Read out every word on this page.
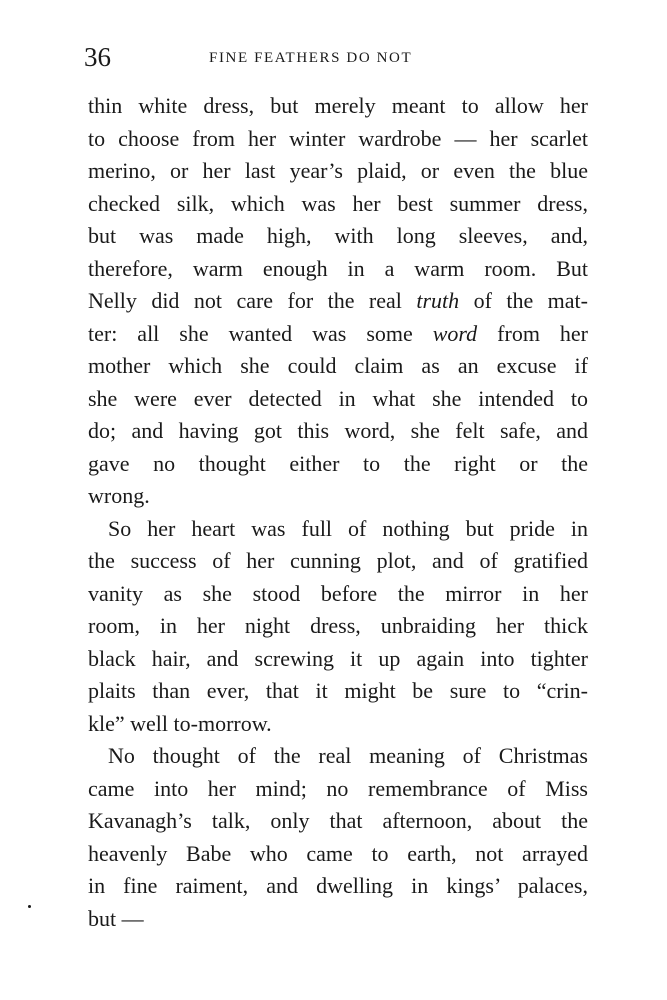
36	FINE FEATHERS DO NOT
thin white dress, but merely meant to allow her
to choose from her winter wardrobe — her scarlet
merino, or her last year’s plaid, or even the blue
checked silk, which was her best summer dress,
but was made high, with long sleeves, and,
therefore, warm enough in a warm room. But
Nelly did not care for the real truth of the mat-
ter: all she wanted was some word from her
mother which she could claim as an excuse if
she were ever detected in what she intended to
do; and having got this word, she felt safe, and
gave no thought either to the right or the
wrong.
So her heart was full of nothing but pride in
the success of her cunning plot, and of gratified
vanity as she stood before the mirror in her
room, in her night dress, unbraiding her thick
black hair, and screwing it up again into tighter
plaits than ever, that it might be sure to “crin-
kle” well to-morrow.
No thought of the real meaning of Christmas
came into her mind; no remembrance of Miss
Kavanagh’s talk, only that afternoon, about the
heavenly Babe who came to earth, not arrayed
in fine raiment, and dwelling in kings’ palaces,
but —
